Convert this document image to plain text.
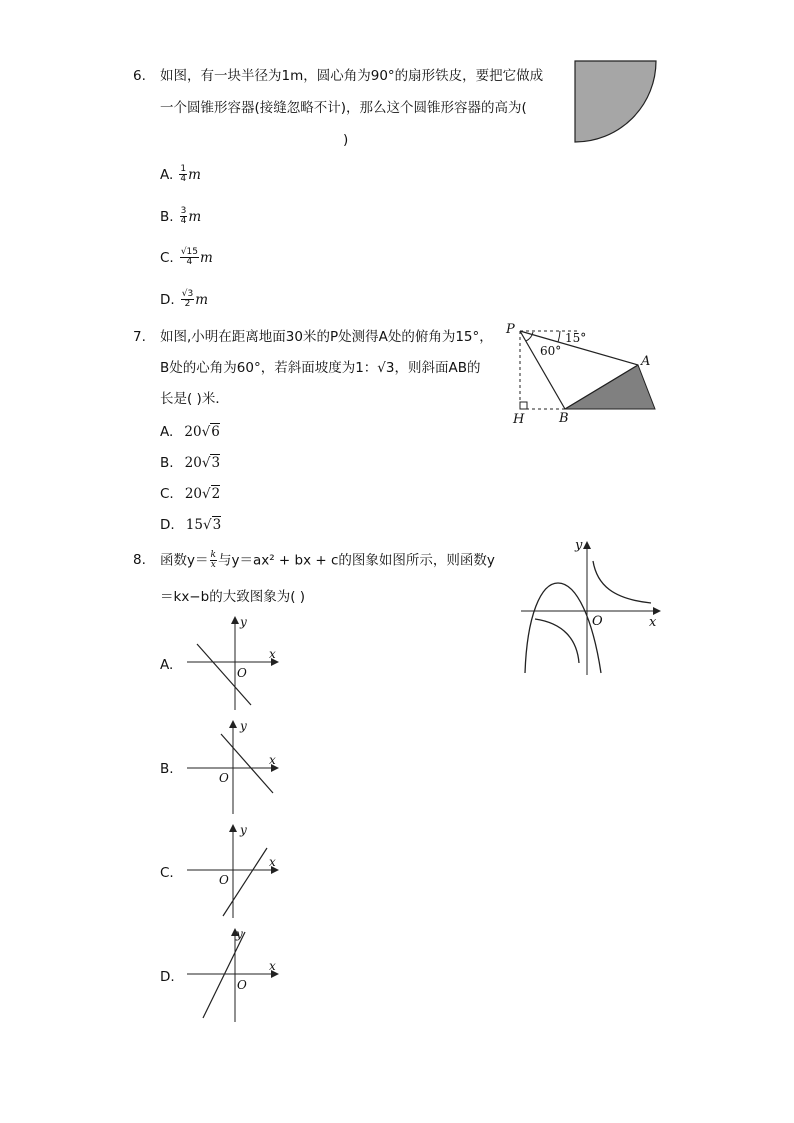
6. 如图，有一块半径为1m，圆心角为90°的扇形铁皮，要把它做成
一个圆锥形容器(接缝忽略不计)，那么这个圆锥形容器的高为(
)
A. $\frac{1}{4}$ m
B. $\frac{3}{4}$ m
C. $\frac{√15}{4}$ m
D. $\frac{√3}{2}$ m
7. 如图,小明在距离地面30米的P处测得A处的俯角为15°，
B处的心角为60°，若斜面坡度为1：√3，则斜面AB的
长是( )米．
A. 20√6
B. 20√3
C. 20√2
D. 15√3
P
A
B
H
15°
60°
8. 函数$y= \frac{k}{x}$ 与y＝ax² + bx + c的图象如图所示，则函数y
＝kx−b的大致图象为( )
x
y
O
A.
x
y
O
B.
x
y
O
C.
x
y
O
D.
x
y
O
